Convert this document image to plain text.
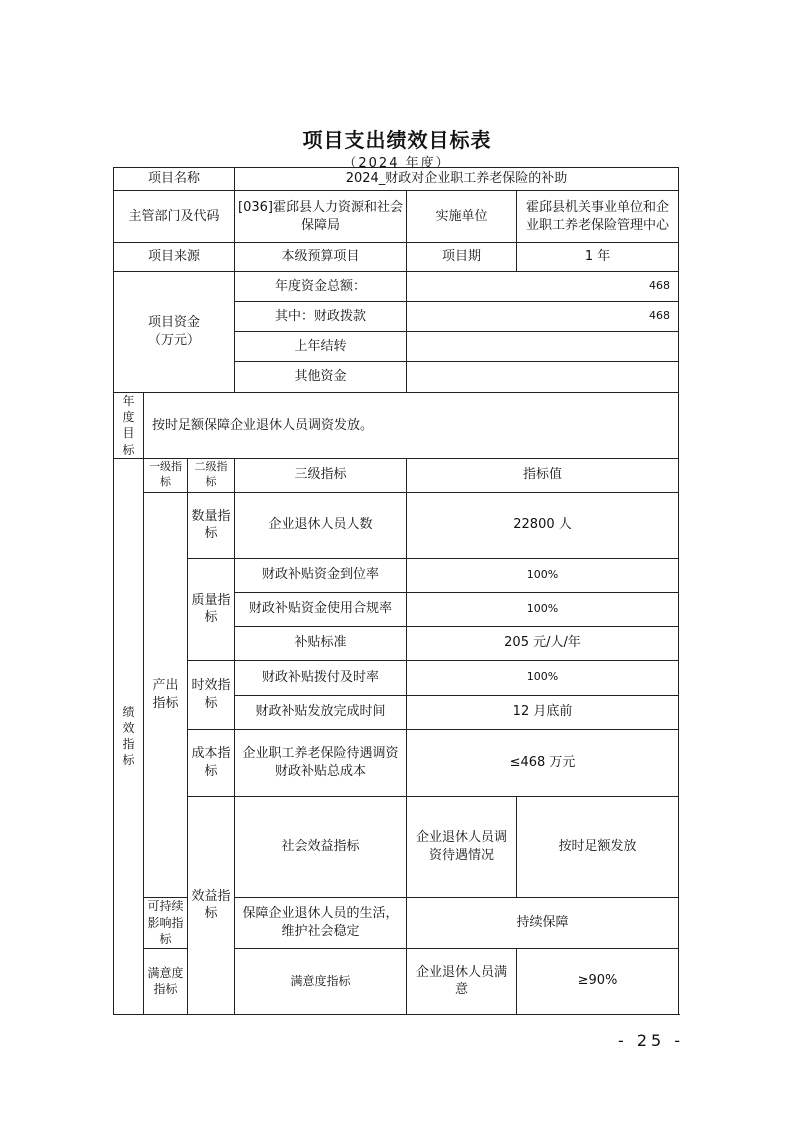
项目支出绩效目标表
（2024 年度）
项目名称			2024_财政对企业职工养老保险的补助		
主管部门及代码			[036]霍邱县人力资源和社会保障局	实施单位	霍邱县机关事业单位和企业职工养老保险管理中心
项目来源			本级预算项目	项目期	1 年
项目资金
（万元）			年度资金总额：	468	
			其中：财政拨款	468	
			上年结转		
			其他资金		
年度目标	按时足额保障企业退休人员调资发放。				
绩效指标	一级指标	二级指标	三级指标	指标值	
	产出指标	数量指标	企业退休人员人数	22800 人	
		质量指标	财政补贴资金到位率	100%	
			财政补贴资金使用合规率	100%	
			补贴标准	205 元/人/年	
		时效指标	财政补贴拨付及时率	100%	
			财政补贴发放完成时间	12 月底前	
		成本指标	企业职工养老保险待遇调资财政补贴总成本	≤468 万元	
		效益指标	社会效益指标	企业退休人员调资待遇情况	按时足额发放
	可持续影响指标		保障企业退休人员的生活，维护社会稳定	持续保障	
	满意度指标		满意度指标	企业退休人员满意	≥90%
- 25 -
